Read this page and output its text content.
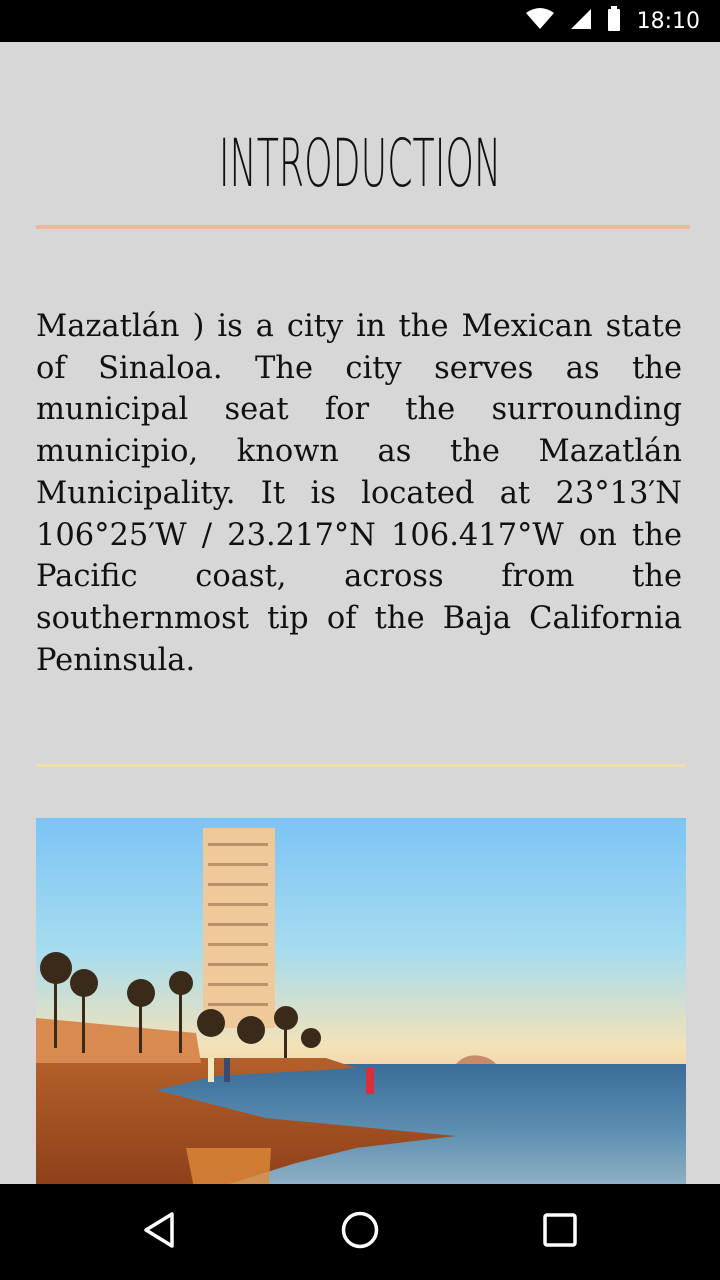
18:10
INTRODUCTION

Mazatlán ) is a city in the Mexican state of Sinaloa. The city serves as the municipal seat for the surrounding municipio, known as the Mazatlán Municipality. It is located at 23°13′N 106°25′W / 23.217°N 106.417°W on the Pacific coast, across from the southernmost tip of the Baja California Peninsula.
